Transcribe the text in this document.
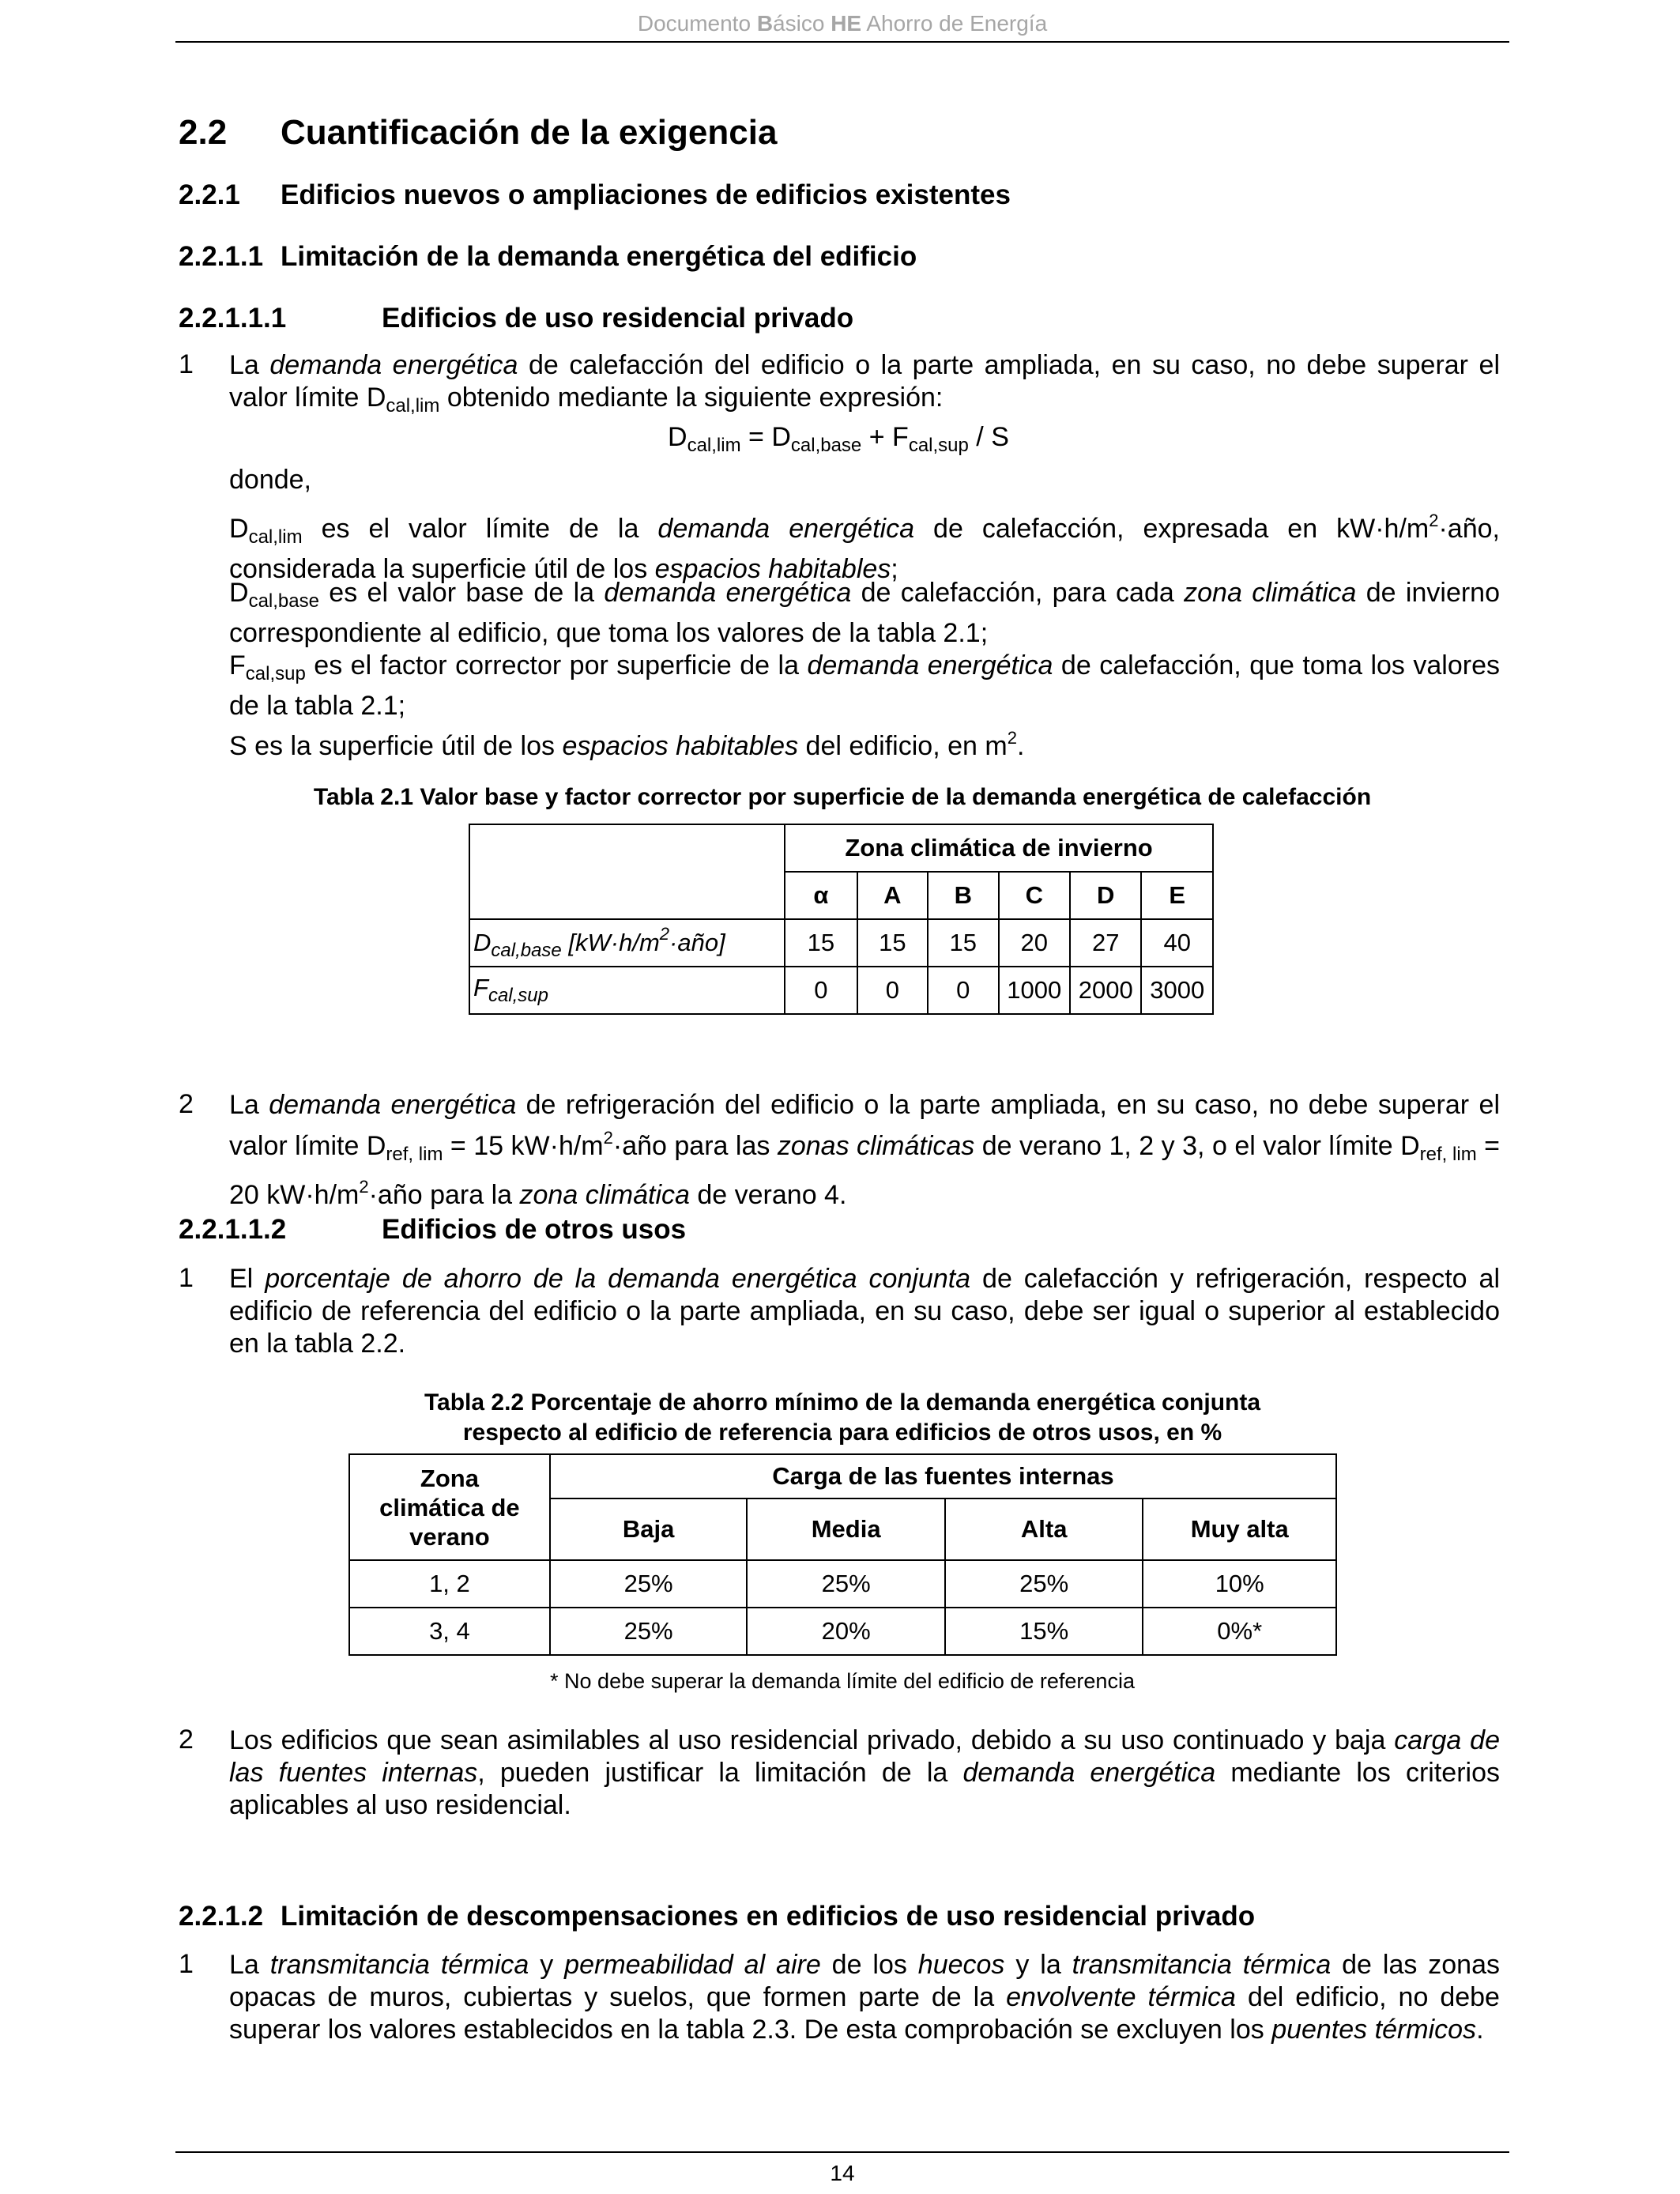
Documento Básico HE Ahorro de Energía
2.2 Cuantificación de la exigencia
2.2.1 Edificios nuevos o ampliaciones de edificios existentes
2.2.1.1 Limitación de la demanda energética del edificio
2.2.1.1.1	Edificios de uso residencial privado
1 La demanda energética de calefacción del edificio o la parte ampliada, en su caso, no debe superar el valor límite $D_{cal,lim}$ obtenido mediante la siguiente expresión:
$D_{cal,lim} = D_{cal,base} + F_{cal,sup} / S$
donde,
$D_{cal,lim}$ es el valor límite de la demanda energética de calefacción, expresada en $kW\cdot h/m^2\cdot año$, considerada la superficie útil de los espacios habitables;
$D_{cal,base}$ es el valor base de la demanda energética de calefacción, para cada zona climática de invierno correspondiente al edificio, que toma los valores de la tabla 2.1;
$F_{cal,sup}$ es el factor corrector por superficie de la demanda energética de calefacción, que toma los valores de la tabla 2.1;
S es la superficie útil de los espacios habitables del edificio, en $m^2$.
Tabla 2.1 Valor base y factor corrector por superficie de la demanda energética de calefacción
	Zona climática de invierno					
	α	A	B	C	D	E
$D_{cal,base}$ $[kW\cdot h/m^2\cdot año]$	15	15	15	20	27	40
$F_{cal,sup}$	0	0	0	1000	2000	3000
2 La demanda energética de refrigeración del edificio o la parte ampliada, en su caso, no debe superar el valor límite $D_{ref, lim} = 15$ $kW\cdot h/m^2\cdot año$ para las zonas climáticas de verano 1, 2 y 3, o el valor límite $D_{ref, lim} = 20$ $kW\cdot h/m^2\cdot año$ para la zona climática de verano 4.
2.2.1.1.2	Edificios de otros usos
1 El porcentaje de ahorro de la demanda energética conjunta de calefacción y refrigeración, respecto al edificio de referencia del edificio o la parte ampliada, en su caso, debe ser igual o superior al establecido en la tabla 2.2.
Tabla 2.2 Porcentaje de ahorro mínimo de la demanda energética conjunta
respecto al edificio de referencia para edificios de otros usos, en %
Zona climática de verano	Carga de las fuentes internas			
	Baja	Media	Alta	Muy alta
1, 2	25%	25%	25%	10%
3, 4	25%	20%	15%	0%*
* No debe superar la demanda límite del edificio de referencia
2 Los edificios que sean asimilables al uso residencial privado, debido a su uso continuado y baja carga de las fuentes internas, pueden justificar la limitación de la demanda energética mediante los criterios aplicables al uso residencial.
2.2.1.2 Limitación de descompensaciones en edificios de uso residencial privado
1 La transmitancia térmica y permeabilidad al aire de los huecos y la transmitancia térmica de las zonas opacas de muros, cubiertas y suelos, que formen parte de la envolvente térmica del edificio, no debe superar los valores establecidos en la tabla 2.3. De esta comprobación se excluyen los puentes térmicos.
14
